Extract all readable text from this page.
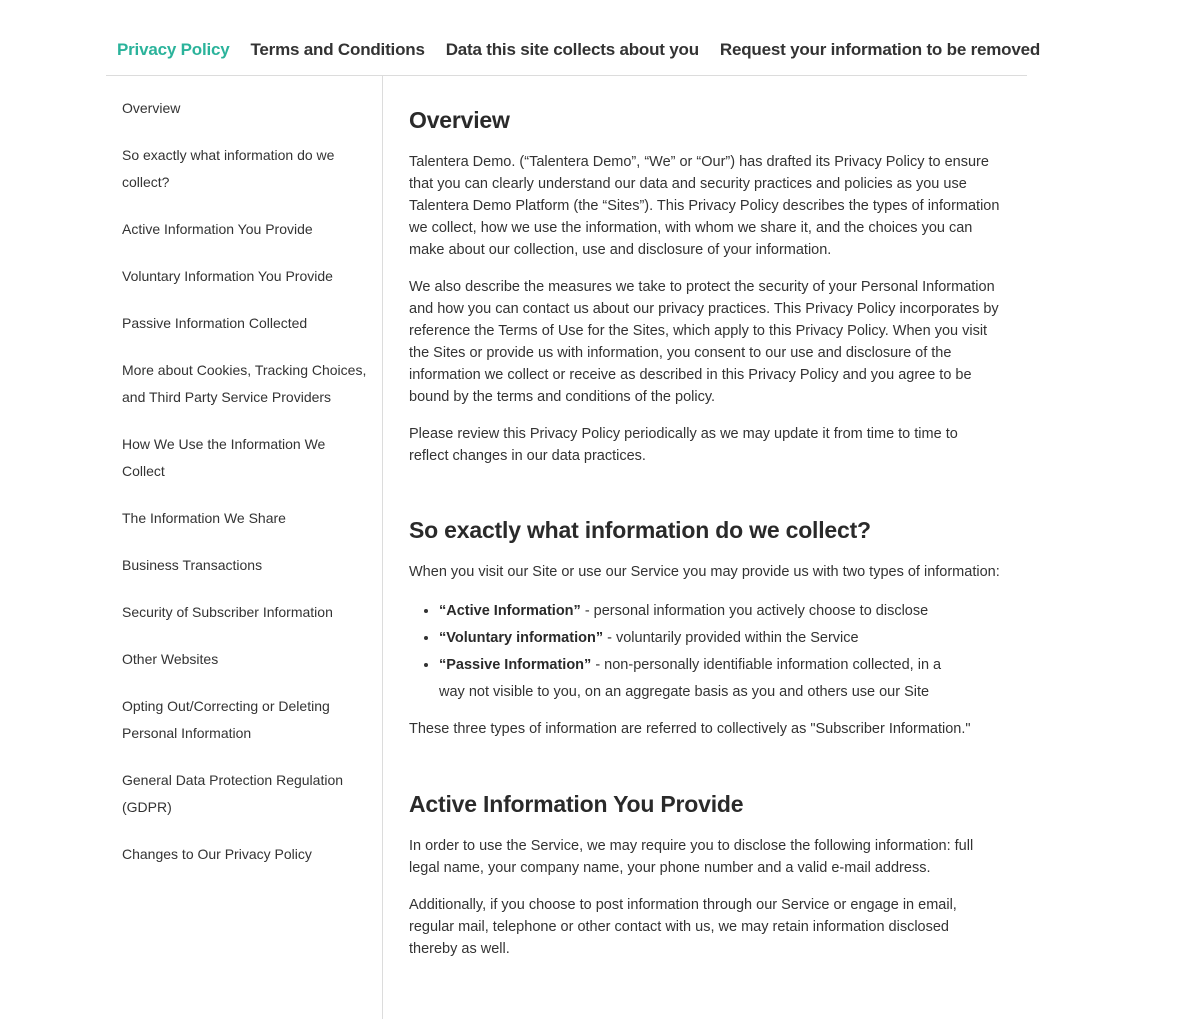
Privacy Policy	Terms and Conditions	Data this site collects about you	Request your information to be removed
Overview
So exactly what information do we collect?
Active Information You Provide
Voluntary Information You Provide
Passive Information Collected
More about Cookies, Tracking Choices, and Third Party Service Providers
How We Use the Information We Collect
The Information We Share
Business Transactions
Security of Subscriber Information
Other Websites
Opting Out/Correcting or Deleting Personal Information
General Data Protection Regulation (GDPR)
Changes to Our Privacy Policy
Overview

Talentera Demo. (“Talentera Demo”, “We” or “Our”) has drafted its Privacy Policy to ensure that you can clearly understand our data and security practices and policies as you use Talentera Demo Platform (the “Sites”). This Privacy Policy describes the types of information we collect, how we use the information, with whom we share it, and the choices you can make about our collection, use and disclosure of your information.

We also describe the measures we take to protect the security of your Personal Information and how you can contact us about our privacy practices. This Privacy Policy incorporates by reference the Terms of Use for the Sites, which apply to this Privacy Policy. When you visit the Sites or provide us with information, you consent to our use and disclosure of the information we collect or receive as described in this Privacy Policy and you agree to be bound by the terms and conditions of the policy.

Please review this Privacy Policy periodically as we may update it from time to time to reflect changes in our data practices.

So exactly what information do we collect?

When you visit our Site or use our Service you may provide us with two types of information:

• “Active Information” - personal information you actively choose to disclose
• “Voluntary information” - voluntarily provided within the Service
• “Passive Information” - non-personally identifiable information collected, in a way not visible to you, on an aggregate basis as you and others use our Site

These three types of information are referred to collectively as "Subscriber Information."

Active Information You Provide

In order to use the Service, we may require you to disclose the following information: full legal name, your company name, your phone number and a valid e-mail address.

Additionally, if you choose to post information through our Service or engage in email, regular mail, telephone or other contact with us, we may retain information disclosed thereby as well.
